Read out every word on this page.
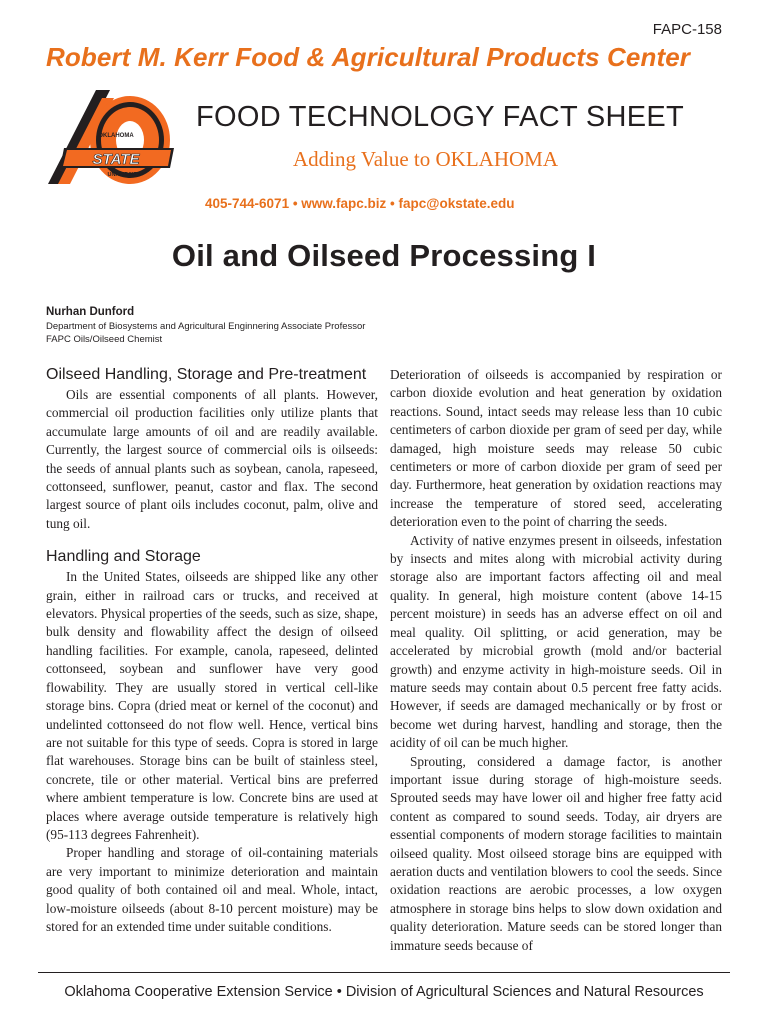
FAPC-158
Robert M. Kerr Food & Agricultural Products Center
OKLAHOMA
STATE
UNIVERSITY
FOOD TECHNOLOGY FACT SHEET
Adding Value to OKLAHOMA
405-744-6071 • www.fapc.biz • fapc@okstate.edu
Oil and Oilseed Processing I
Nurhan Dunford
Department of Biosystems and Agricultural Enginnering Associate Professor
FAPC Oils/Oilseed Chemist
Oilseed Handling, Storage and Pre-treatment

Oils are essential components of all plants. However, commercial oil production facilities only utilize plants that accumulate large amounts of oil and are readily available. Currently, the largest source of commercial oils is oilseeds: the seeds of annual plants such as soybean, canola, rapeseed, cottonseed, sunflower, peanut, castor and flax. The second largest source of plant oils includes coconut, palm, olive and tung oil.

Handling and Storage

In the United States, oilseeds are shipped like any other grain, either in railroad cars or trucks, and received at elevators. Physical properties of the seeds, such as size, shape, bulk density and flowability affect the design of oilseed handling facilities. For example, canola, rapeseed, delinted cottonseed, soybean and sunflower have very good flowability. They are usually stored in vertical cell-like storage bins. Copra (dried meat or kernel of the coconut) and undelinted cottonseed do not flow well. Hence, vertical bins are not suitable for this type of seeds. Copra is stored in large flat warehouses. Storage bins can be built of stainless steel, concrete, tile or other material. Vertical bins are preferred where ambient temperature is low. Concrete bins are used at places where average outside temperature is relatively high (95-113 degrees Fahrenheit).

Proper handling and storage of oil-containing materials are very important to minimize deterioration and maintain good quality of both contained oil and meal. Whole, intact, low-moisture oilseeds (about 8-10 percent moisture) may be stored for an extended time under suitable conditions.

Deterioration of oilseeds is accompanied by respiration or carbon dioxide evolution and heat generation by oxidation reactions. Sound, intact seeds may release less than 10 cubic centimeters of carbon dioxide per gram of seed per day, while damaged, high moisture seeds may release 50 cubic centimeters or more of carbon dioxide per gram of seed per day. Furthermore, heat generation by oxidation reactions may increase the temperature of stored seed, accelerating deterioration even to the point of charring the seeds.

Activity of native enzymes present in oilseeds, infestation by insects and mites along with microbial activity during storage also are important factors affecting oil and meal quality. In general, high moisture content (above 14-15 percent moisture) in seeds has an adverse effect on oil and meal quality. Oil splitting, or acid generation, may be accelerated by microbial growth (mold and/or bacterial growth) and enzyme activity in high-moisture seeds. Oil in mature seeds may contain about 0.5 percent free fatty acids. However, if seeds are damaged mechanically or by frost or become wet during harvest, handling and storage, then the acidity of oil can be much higher.

Sprouting, considered a damage factor, is another important issue during storage of high-moisture seeds. Sprouted seeds may have lower oil and higher free fatty acid content as compared to sound seeds. Today, air dryers are essential components of modern storage facilities to maintain oilseed quality. Most oilseed storage bins are equipped with aeration ducts and ventilation blowers to cool the seeds. Since oxidation reactions are aerobic processes, a low oxygen atmosphere in storage bins helps to slow down oxidation and quality deterioration. Mature seeds can be stored longer than immature seeds because of

Oklahoma Cooperative Extension Service • Division of Agricultural Sciences and Natural Resources
